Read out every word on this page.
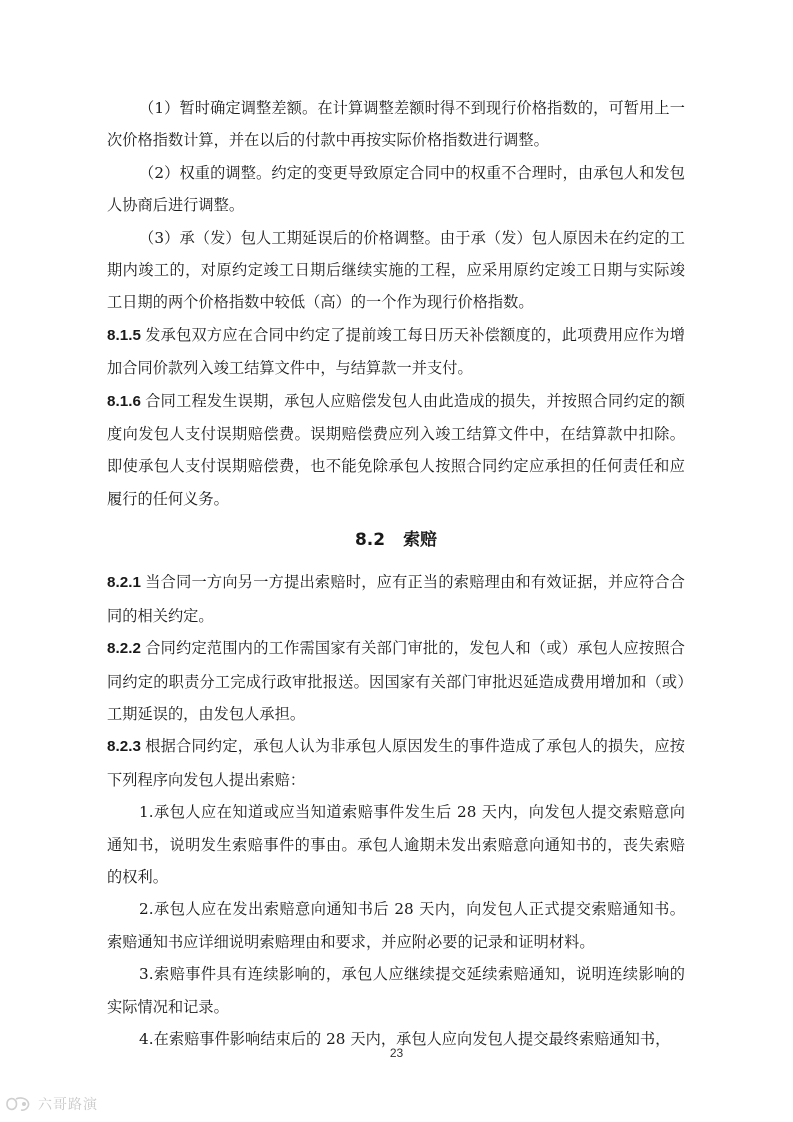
（1）暂时确定调整差额。在计算调整差额时得不到现行价格指数的，可暂用上一次价格指数计算，并在以后的付款中再按实际价格指数进行调整。

（2）权重的调整。约定的变更导致原定合同中的权重不合理时，由承包人和发包人协商后进行调整。

（3）承（发）包人工期延误后的价格调整。由于承（发）包人原因未在约定的工期内竣工的，对原约定竣工日期后继续实施的工程，应采用原约定竣工日期与实际竣工日期的两个价格指数中较低（高）的一个作为现行价格指数。

8.1.5 发承包双方应在合同中约定了提前竣工每日历天补偿额度的，此项费用应作为增加合同价款列入竣工结算文件中，与结算款一并支付。

8.1.6 合同工程发生误期，承包人应赔偿发包人由此造成的损失，并按照合同约定的额度向发包人支付误期赔偿费。误期赔偿费应列入竣工结算文件中，在结算款中扣除。即使承包人支付误期赔偿费，也不能免除承包人按照合同约定应承担的任何责任和应履行的任何义务。

8.2 索赔

8.2.1 当合同一方向另一方提出索赔时，应有正当的索赔理由和有效证据，并应符合合同的相关约定。

8.2.2 合同约定范围内的工作需国家有关部门审批的，发包人和（或）承包人应按照合同约定的职责分工完成行政审批报送。因国家有关部门审批迟延造成费用增加和（或）工期延误的，由发包人承担。

8.2.3 根据合同约定，承包人认为非承包人原因发生的事件造成了承包人的损失，应按下列程序向发包人提出索赔：

1.承包人应在知道或应当知道索赔事件发生后 28 天内，向发包人提交索赔意向通知书，说明发生索赔事件的事由。承包人逾期未发出索赔意向通知书的，丧失索赔的权利。

2.承包人应在发出索赔意向通知书后 28 天内，向发包人正式提交索赔通知书。索赔通知书应详细说明索赔理由和要求，并应附必要的记录和证明材料。

3.索赔事件具有连续影响的，承包人应继续提交延续索赔通知，说明连续影响的实际情况和记录。

4.在索赔事件影响结束后的 28 天内，承包人应向发包人提交最终索赔通知书，

23
六哥路演
